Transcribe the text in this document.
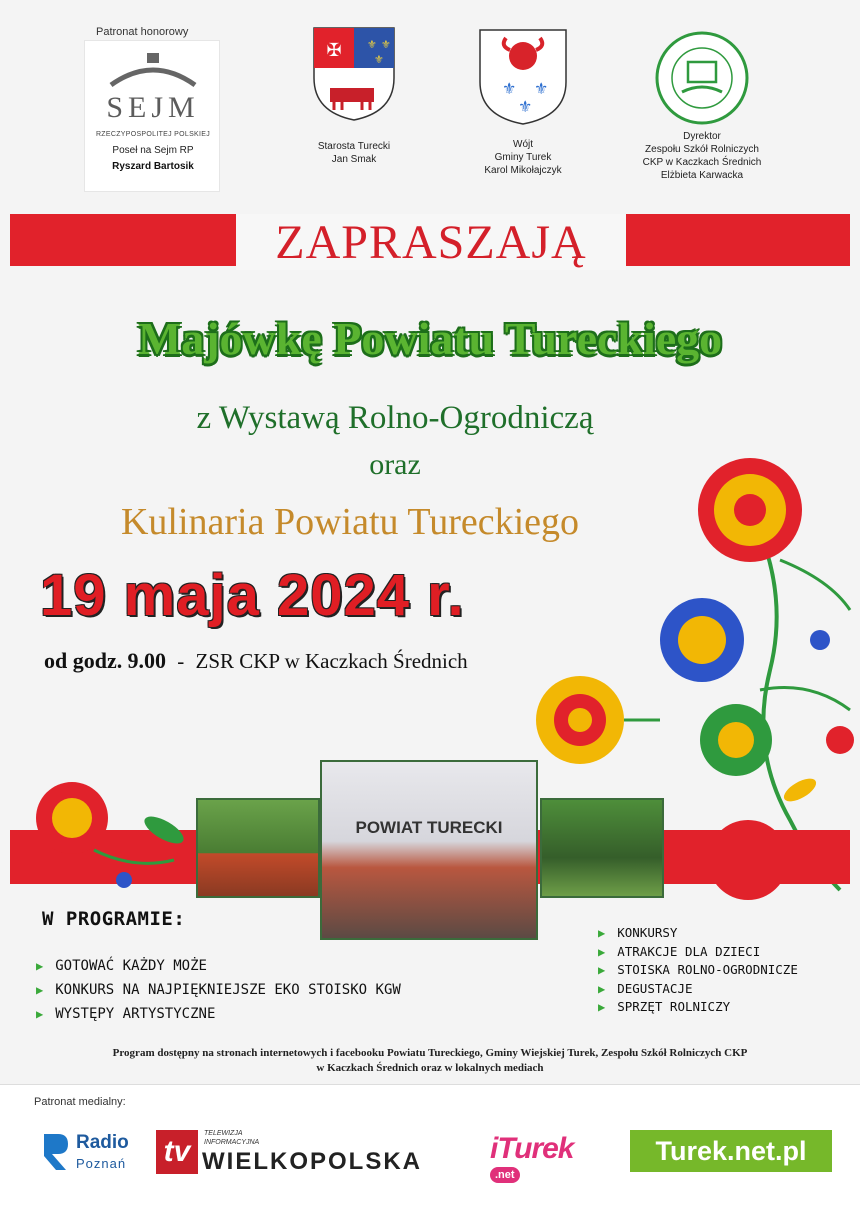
Patronat honorowy
SEJM
RZECZYPOSPOLITEJ POLSKIEJ
Poseł na Sejm RP
Ryszard Bartosik
✠ ⚜ ⚜
⚜
Starosta Turecki
Jan Smak
⚜ ⚜
⚜
Wójt
Gminy Turek
Karol Mikołajczyk
Dyrektor
Zespołu Szkół Rolniczych
CKP w Kaczkach Średnich
Elżbieta Karwacka
ZAPRASZAJĄ
Majówkę Powiatu Tureckiego
z Wystawą Rolno-Ogrodniczą
oraz
Kulinaria Powiatu Tureckiego
19 maja 2024 r.
od godz. 9.00 - ZSR CKP w Kaczkach Średnich
POWIAT TURECKI
W PROGRAMIE:
▶ GOTOWAĆ KAŻDY MOŻE
▶ KONKURS NA NAJPIĘKNIEJSZE EKO STOISKO KGW
▶ WYSTĘPY ARTYSTYCZNE
▶ KONKURSY
▶ ATRAKCJE DLA DZIECI
▶ STOISKA ROLNO-OGRODNICZE
▶ DEGUSTACJE
▶ SPRZĘT ROLNICZY
Program dostępny na stronach internetowych i facebooku Powiatu Tureckiego, Gminy Wiejskiej Turek, Zespołu Szkół Rolniczych CKP
w Kaczkach Średnich oraz w lokalnych mediach
Patronat medialny:
Radio
Poznań tv
TELEWIZJA
INFORMACYJNA
WIELKOPOLSKA iTurek .net
Turek.net.pl
